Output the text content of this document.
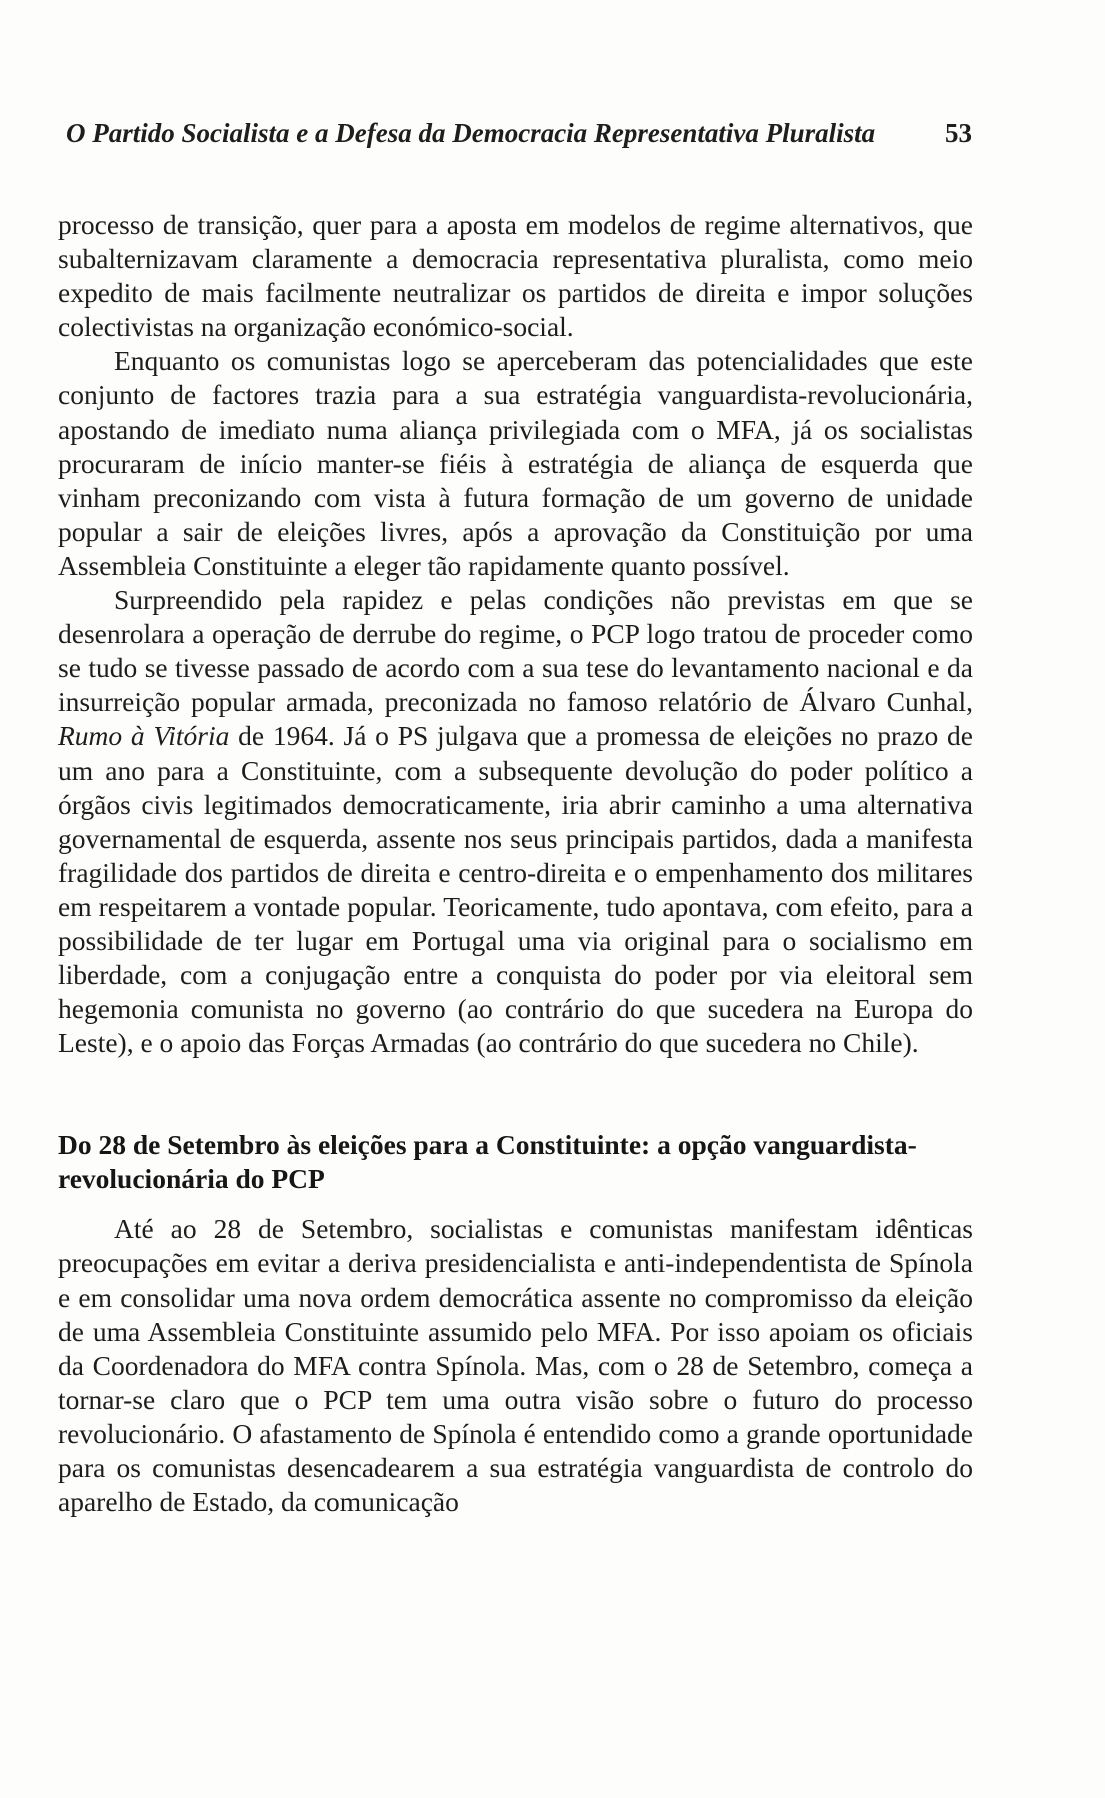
O Partido Socialista e a Defesa da Democracia Representativa Pluralista	53

processo de transição, quer para a aposta em modelos de regime alternativos, que subalternizavam claramente a democracia representativa pluralista, como meio expedito de mais facilmente neutralizar os partidos de direita e impor soluções colectivistas na organização económico-social.

Enquanto os comunistas logo se aperceberam das potencialidades que este conjunto de factores trazia para a sua estratégia vanguardista-revolucionária, apostando de imediato numa aliança privilegiada com o MFA, já os socialistas procuraram de início manter-se fiéis à estratégia de aliança de esquerda que vinham preconizando com vista à futura formação de um governo de unidade popular a sair de eleições livres, após a aprovação da Constituição por uma Assembleia Constituinte a eleger tão rapidamente quanto possível.

Surpreendido pela rapidez e pelas condições não previstas em que se desenrolara a operação de derrube do regime, o PCP logo tratou de proceder como se tudo se tivesse passado de acordo com a sua tese do levantamento nacional e da insurreição popular armada, preconizada no famoso relatório de Álvaro Cunhal, Rumo à Vitória de 1964. Já o PS julgava que a promessa de eleições no prazo de um ano para a Constituinte, com a subsequente devolução do poder político a órgãos civis legitimados democraticamente, iria abrir caminho a uma alternativa governamental de esquerda, assente nos seus principais partidos, dada a manifesta fragilidade dos partidos de direita e centro-direita e o empenhamento dos militares em respeitarem a vontade popular. Teoricamente, tudo apontava, com efeito, para a possibilidade de ter lugar em Portugal uma via original para o socialismo em liberdade, com a conjugação entre a conquista do poder por via eleitoral sem hegemonia comunista no governo (ao contrário do que sucedera na Europa do Leste), e o apoio das Forças Armadas (ao contrário do que sucedera no Chile).

Do 28 de Setembro às eleições para a Constituinte: a opção vanguardista-revolucionária do PCP

Até ao 28 de Setembro, socialistas e comunistas manifestam idênticas preocupações em evitar a deriva presidencialista e anti-independentista de Spínola e em consolidar uma nova ordem democrática assente no compromisso da eleição de uma Assembleia Constituinte assumido pelo MFA. Por isso apoiam os oficiais da Coordenadora do MFA contra Spínola. Mas, com o 28 de Setembro, começa a tornar-se claro que o PCP tem uma outra visão sobre o futuro do processo revolucionário. O afastamento de Spínola é entendido como a grande oportunidade para os comunistas desencadearem a sua estratégia vanguardista de controlo do aparelho de Estado, da comunicação
